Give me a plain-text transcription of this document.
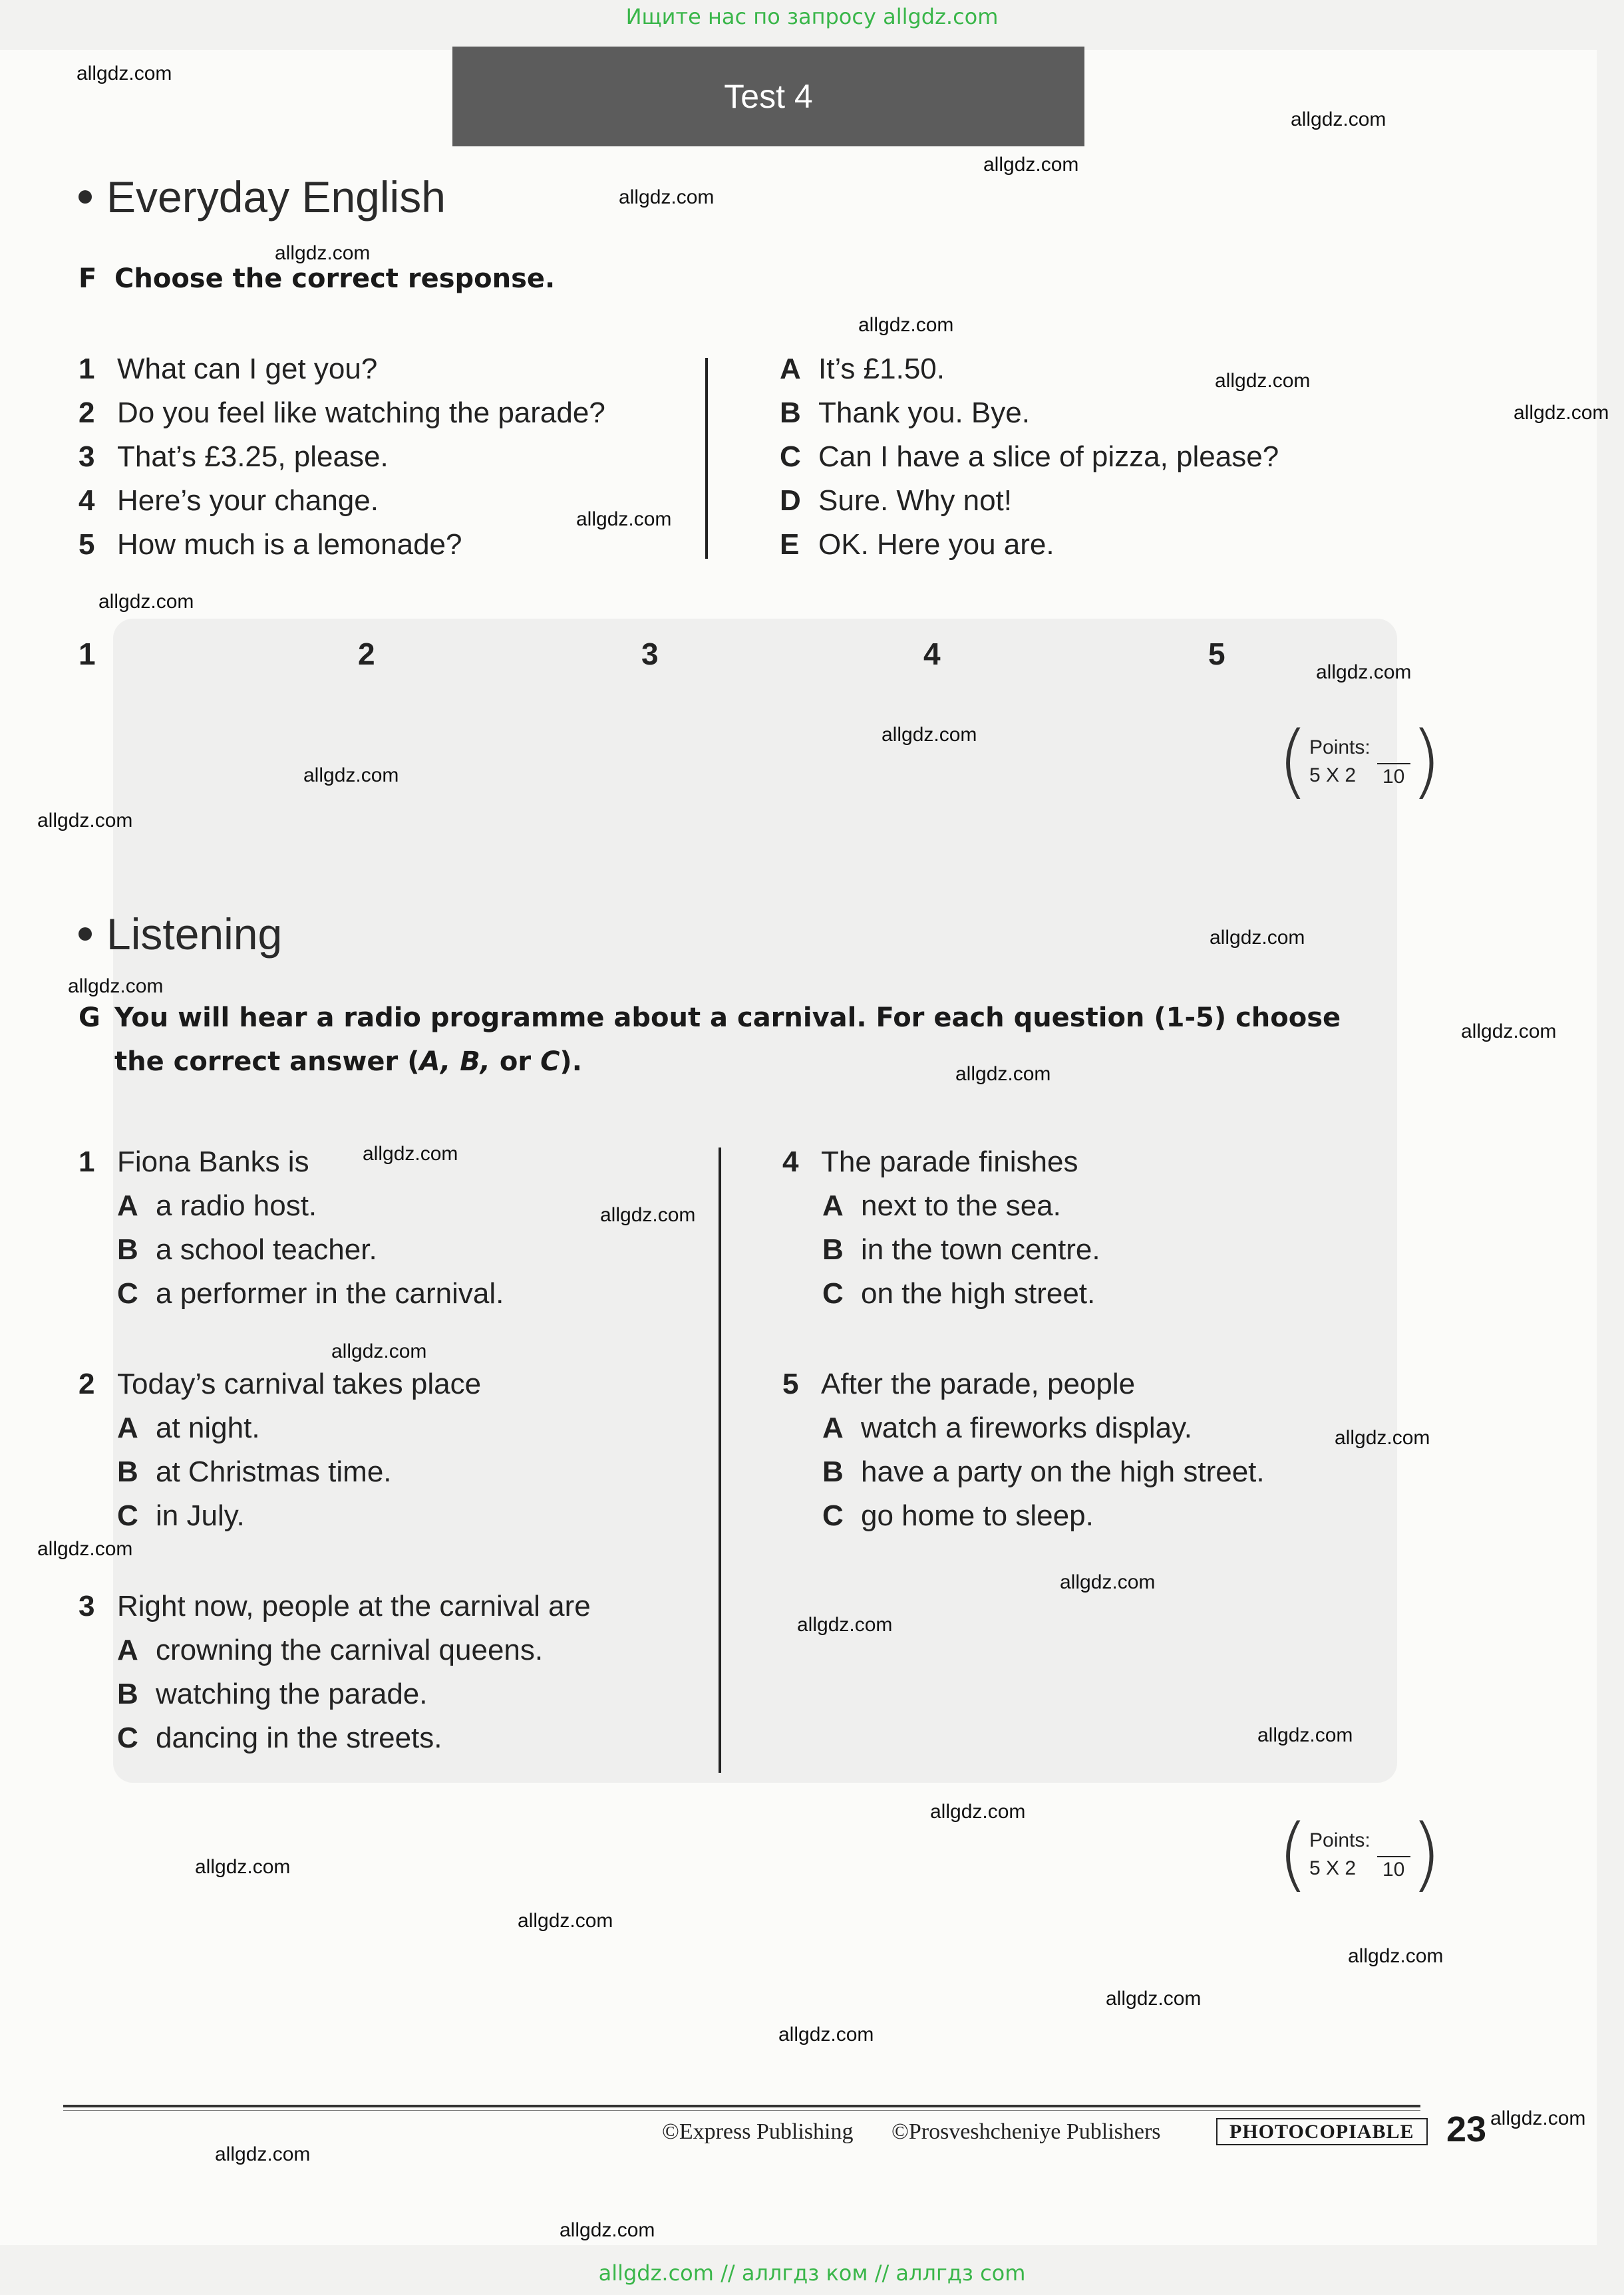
Ищите нас по запросу allgdz.com
Test 4
Everyday English
F Choose the correct response.
1 What can I get you?
2 Do you feel like watching the parade?
3 That’s £3.25, please.
4 Here’s your change.
5 How much is a lemonade?
A It’s £1.50.
B Thank you. Bye.
C Can I have a slice of pizza, please?
D Sure. Why not!
E OK. Here you are.
1	2	3	4	5
( Points:
5 X 2 10 )
Listening
G You will hear a radio programme about a carnival. For each question (1-5) choose
the correct answer (A, B, or C).
1 Fiona Banks is
A a radio host.
B a school teacher.
C a performer in the carnival.
2 Today’s carnival takes place
A at night.
B at Christmas time.
C in July.
3 Right now, people at the carnival are
A crowning the carnival queens.
B watching the parade.
C dancing in the streets.
4 The parade finishes
A next to the sea.
B in the town centre.
C on the high street.
5 After the parade, people
A watch a fireworks display.
B have a party on the high street.
C go home to sleep.
( Points:
5 X 2 10 )
©Express Publishing ©Prosveshcheniye Publishers	PHOTOCOPIABLE 23
allgdz.com
allgdz.com
allgdz.com
allgdz.com
allgdz.com
allgdz.com
allgdz.com
allgdz.com
allgdz.com
allgdz.com
allgdz.com
allgdz.com
allgdz.com
allgdz.com
allgdz.com
allgdz.com
allgdz.com
allgdz.com
allgdz.com
allgdz.com
allgdz.com
allgdz.com
allgdz.com
allgdz.com
allgdz.com
allgdz.com
allgdz.com
allgdz.com
allgdz.com
allgdz.com
allgdz.com
allgdz.com
allgdz.com
allgdz.com
allgdz.com
allgdz.com // аллгдз ком // аллгдз com
